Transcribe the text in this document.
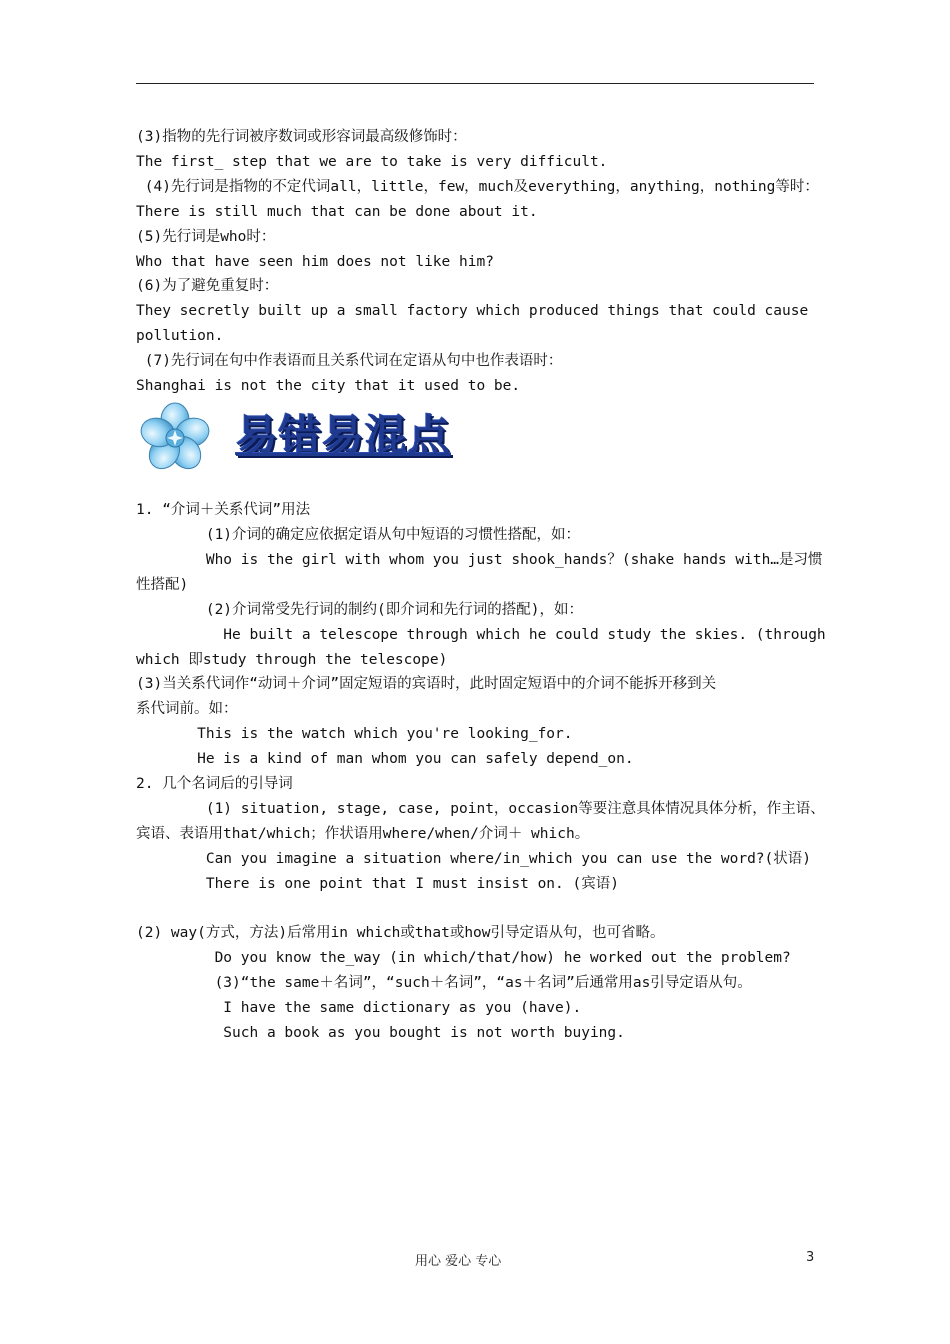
(3)指物的先行词被序数词或形容词最高级修饰时：
The first_ step that we are to take is very difficult.
(4)先行词是指物的不定代词all，little，few，much及everything，anything，nothing等时：
There is still much that can be done about it.
(5)先行词是who时：
Who that have seen him does not like him?
(6)为了避免重复时：
They secretly built up a small factory which produced things that could cause
pollution.
(7)先行词在句中作表语而且关系代词在定语从句中也作表语时：
Shanghai is not the city that it used to be.
易错易混点
1. “介词＋关系代词”用法
(1)介词的确定应依据定语从句中短语的习惯性搭配，如：
Who is the girl with whom you just shook_hands？(shake hands with…是习惯
性搭配)
(2)介词常受先行词的制约(即介词和先行词的搭配)，如：
He built a telescope through which he could study the skies. (through
which 即study through the telescope)
(3)当关系代词作“动词＋介词”固定短语的宾语时，此时固定短语中的介词不能拆开移到关
系代词前。如：
This is the watch which you're looking_for.
He is a kind of man whom you can safely depend_on.
2. 几个名词后的引导词
(1) situation, stage, case, point，occasion等要注意具体情况具体分析，作主语、
宾语、表语用that/which；作状语用where/when/介词＋ which。
Can you imagine a situation where/in_which you can use the word?(状语)
There is one point that I must insist on. (宾语)
(2) way(方式，方法)后常用in which或that或how引导定语从句，也可省略。
Do you know the_way (in which/that/how) he worked out the problem?
(3)“the same＋名词”，“such＋名词”，“as＋名词”后通常用as引导定语从句。
I have the same dictionary as you (have).
Such a book as you bought is not worth buying.
用心 爱心 专心	3
